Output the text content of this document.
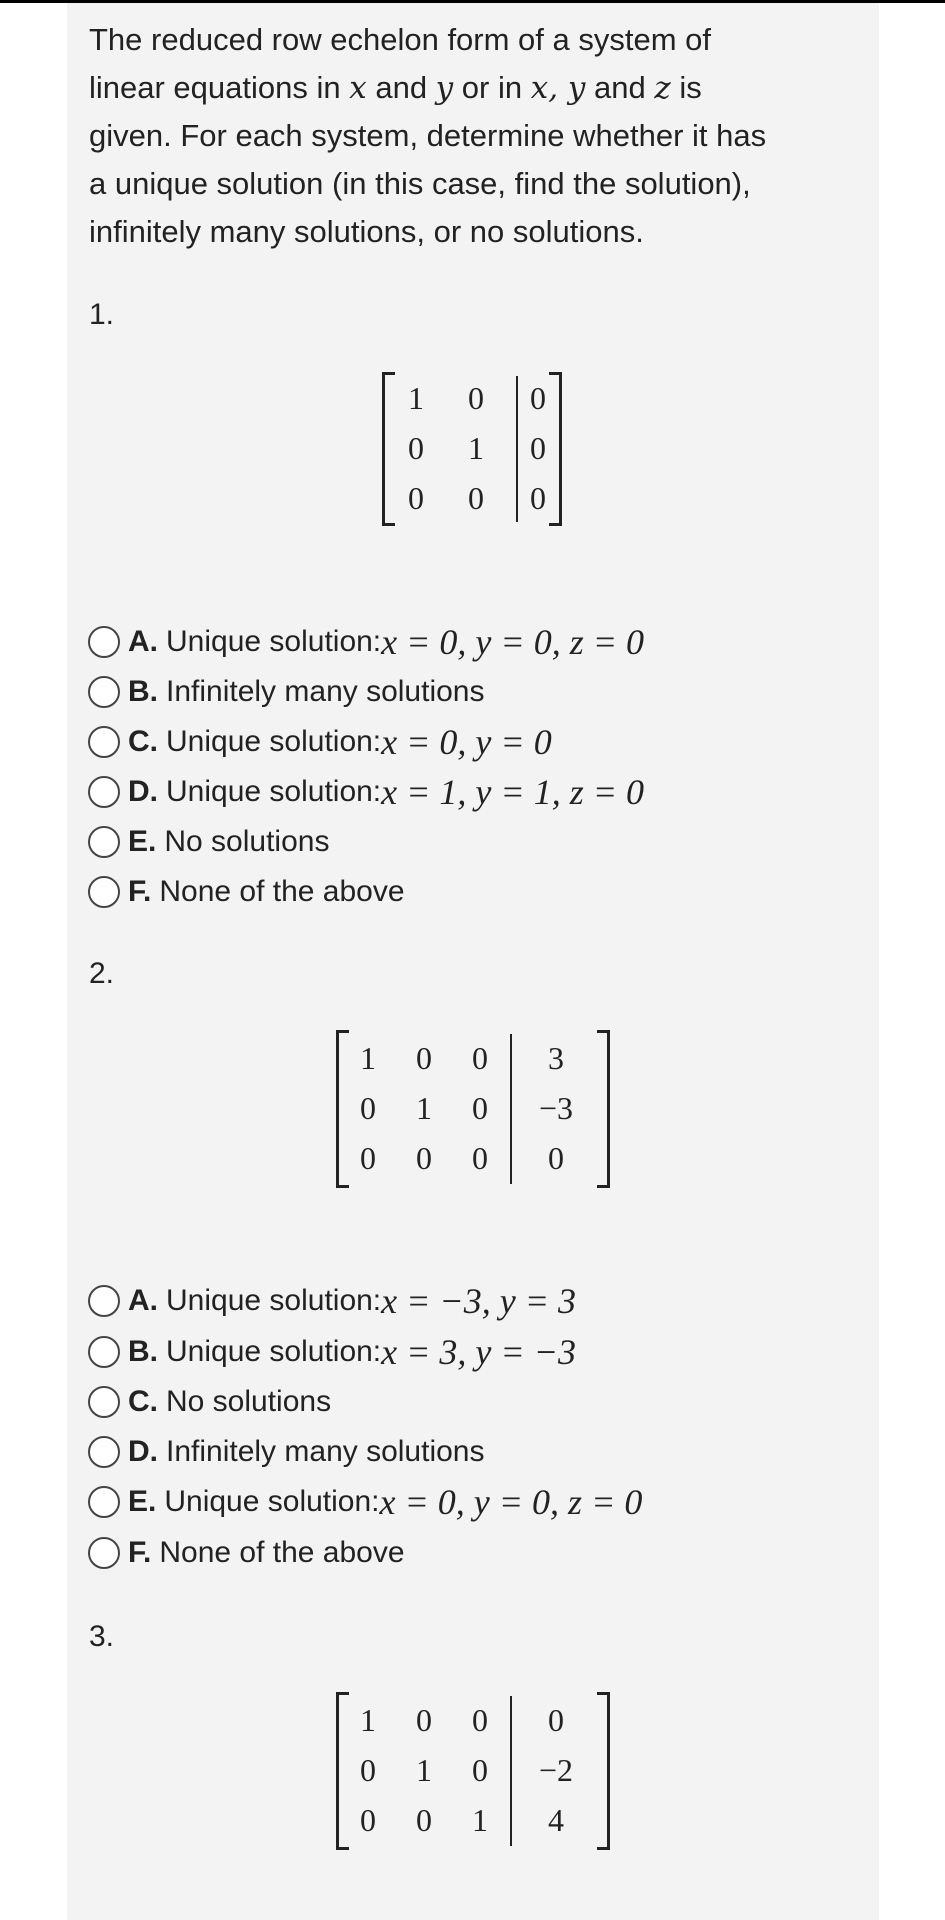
The reduced row echelon form of a system of
linear equations in x and y or in x, y and z is
given. For each system, determine whether it has
a unique solution (in this case, find the solution),
infinitely many solutions, or no solutions.
1.
1	0	0
0	1	0
0	0	0
A. Unique solution: x = 0, y = 0, z = 0
B. Infinitely many solutions
C. Unique solution: x = 0, y = 0
D. Unique solution: x = 1, y = 1, z = 0
E. No solutions
F. None of the above
2.
1	0	0	3
0	1	0	−3
0	0	0	0
A. Unique solution: x = −3, y = 3
B. Unique solution: x = 3, y = −3
C. No solutions
D. Infinitely many solutions
E. Unique solution: x = 0, y = 0, z = 0
F. None of the above
3.
1	0	0	0
0	1	0	−2
0	0	1	4
